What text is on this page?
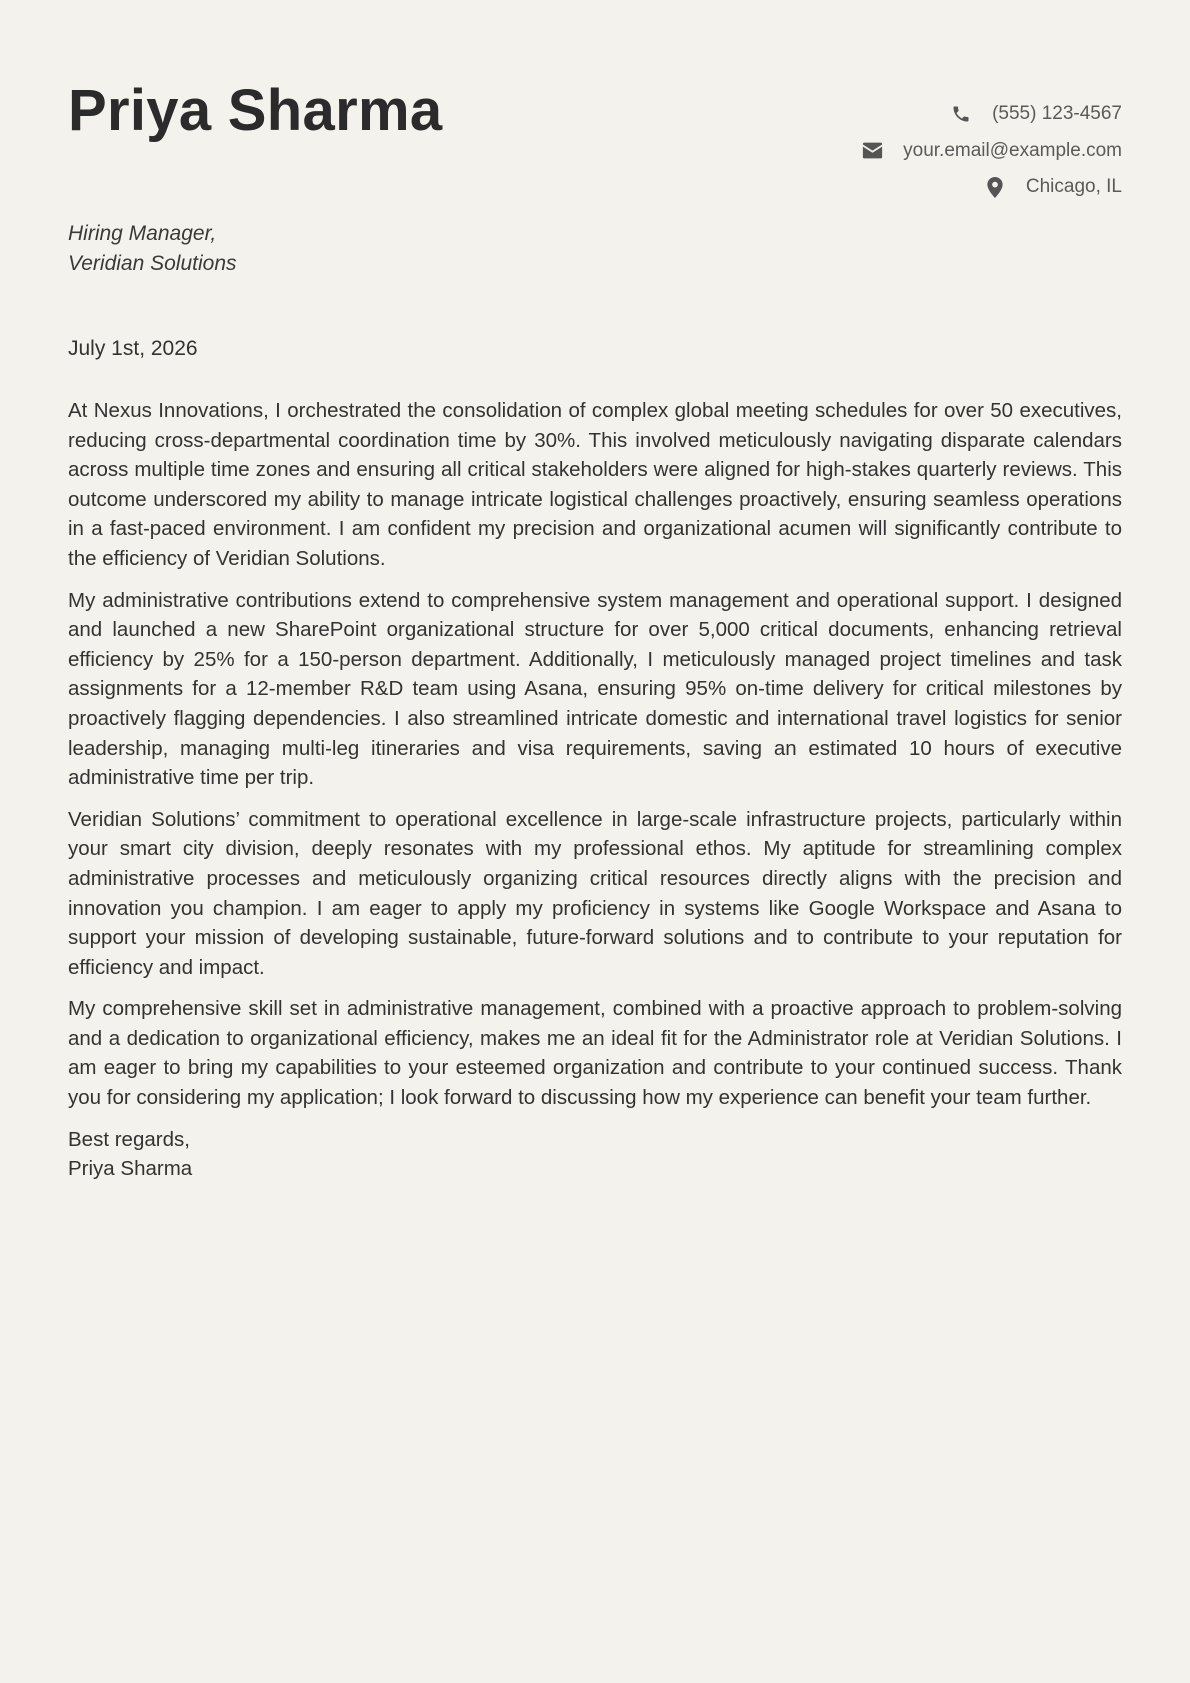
Priya Sharma	(555) 123-4567
your.email@example.com
Chicago, IL
Hiring Manager,
Veridian Solutions
July 1st, 2026

At Nexus Innovations, I orchestrated the consolidation of complex global meeting schedules for over 50 executives, reducing cross-departmental coordination time by 30%. This involved meticulously navigating disparate calendars across multiple time zones and ensuring all critical stakeholders were aligned for high-stakes quarterly reviews. This outcome underscored my ability to manage intricate logistical challenges proactively, ensuring seamless operations in a fast-paced environment. I am confident my precision and organizational acumen will significantly contribute to the efficiency of Veridian Solutions.

My administrative contributions extend to comprehensive system management and operational support. I designed and launched a new SharePoint organizational structure for over 5,000 critical documents, enhancing retrieval efficiency by 25% for a 150-person department. Additionally, I meticulously managed project timelines and task assignments for a 12-member R&D team using Asana, ensuring 95% on-time delivery for critical milestones by proactively flagging dependencies. I also streamlined intricate domestic and international travel logistics for senior leadership, managing multi-leg itineraries and visa requirements, saving an estimated 10 hours of executive administrative time per trip.

Veridian Solutions’ commitment to operational excellence in large-scale infrastructure projects, particularly within your smart city division, deeply resonates with my professional ethos. My aptitude for streamlining complex administrative processes and meticulously organizing critical resources directly aligns with the precision and innovation you champion. I am eager to apply my proficiency in systems like Google Workspace and Asana to support your mission of developing sustainable, future-forward solutions and to contribute to your reputation for efficiency and impact.

My comprehensive skill set in administrative management, combined with a proactive approach to problem-solving and a dedication to organizational efficiency, makes me an ideal fit for the Administrator role at Veridian Solutions. I am eager to bring my capabilities to your esteemed organization and contribute to your continued success. Thank you for considering my application; I look forward to discussing how my experience can benefit your team further.

Best regards,
Priya Sharma
